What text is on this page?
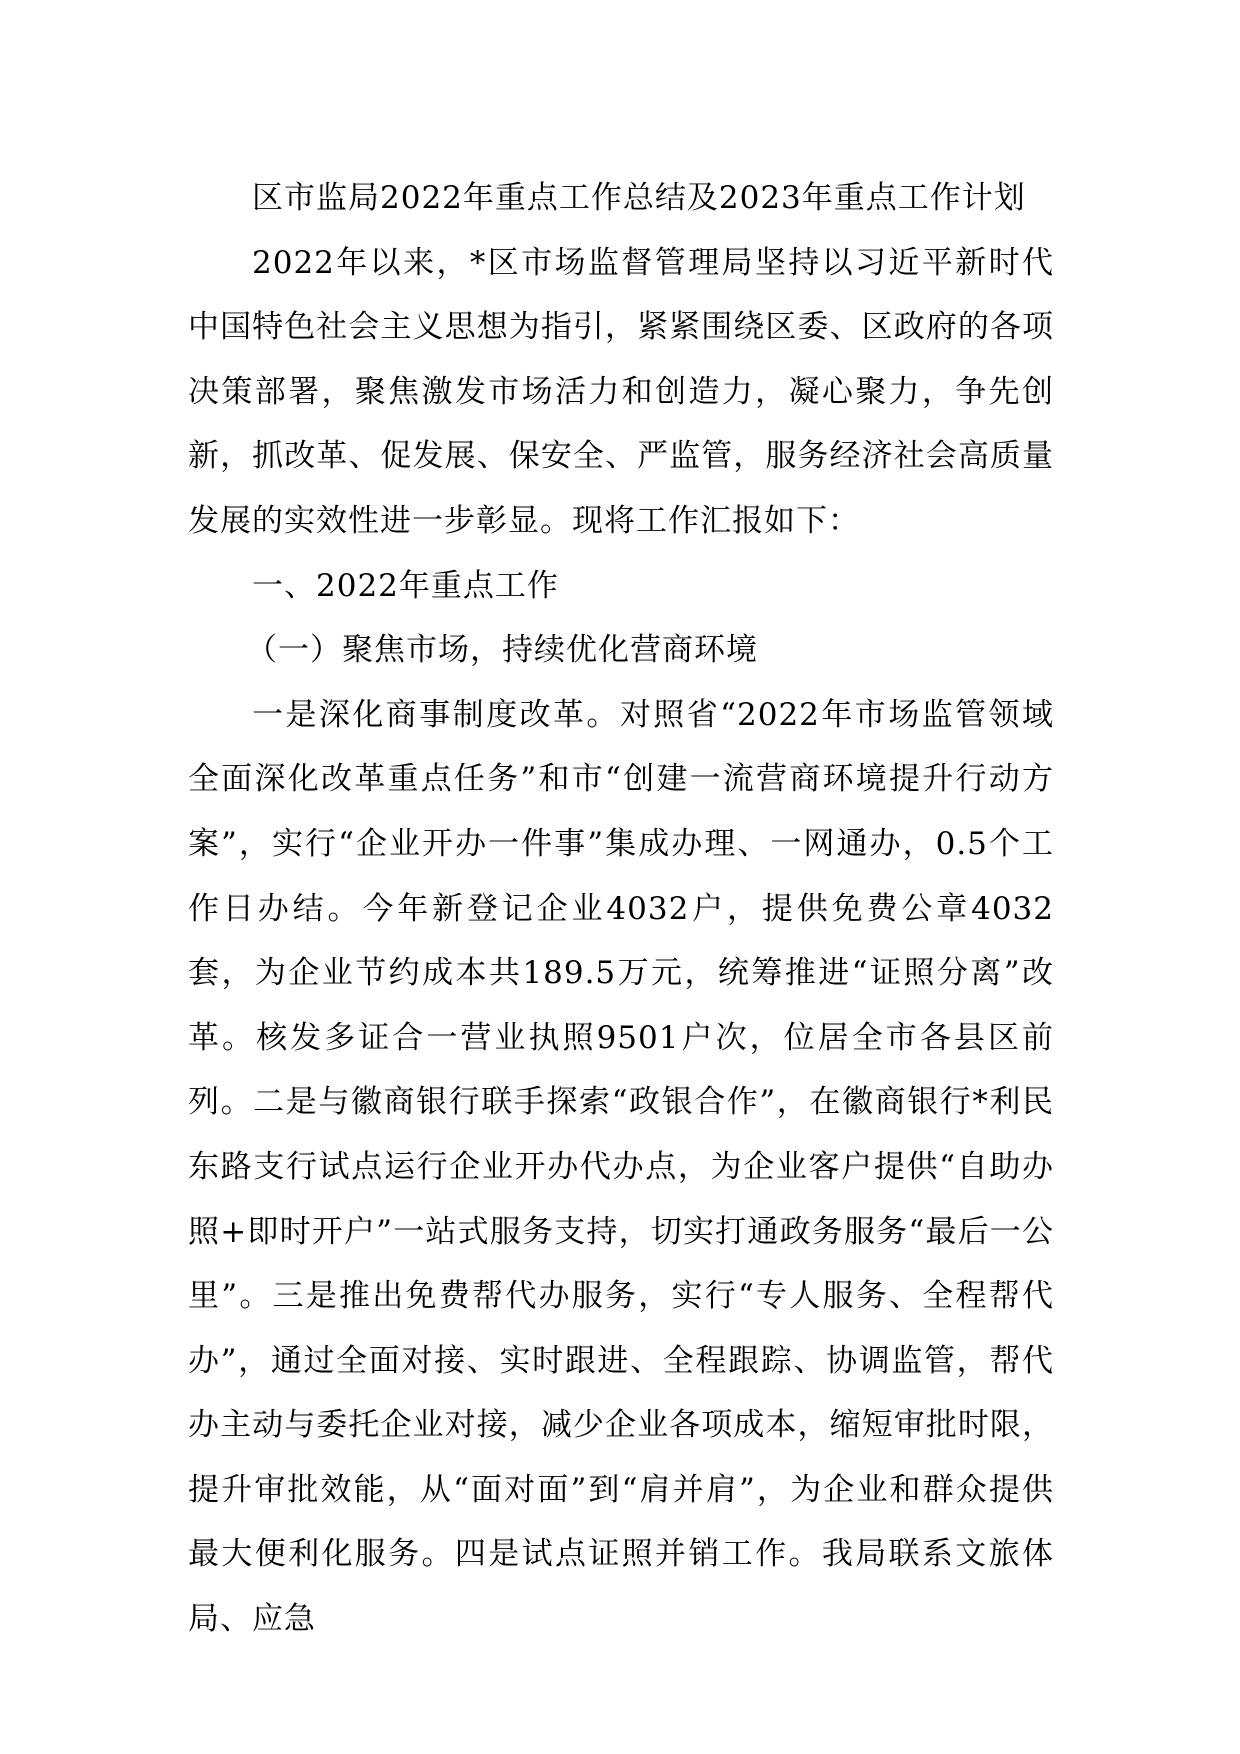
区市监局2022年重点工作总结及2023年重点工作计划

2022年以来，*区市场监督管理局坚持以习近平新时代中国特色社会主义思想为指引，紧紧围绕区委、区政府的各项决策部署，聚焦激发市场活力和创造力，凝心聚力，争先创新，抓改革、促发展、保安全、严监管，服务经济社会高质量发展的实效性进一步彰显。现将工作汇报如下：

一、2022年重点工作

（一）聚焦市场，持续优化营商环境

一是深化商事制度改革。对照省“2022年市场监管领域全面深化改革重点任务”和市“创建一流营商环境提升行动方案”，实行“企业开办一件事”集成办理、一网通办，0.5个工作日办结。今年新登记企业4032户，提供免费公章4032套，为企业节约成本共189.5万元，统筹推进“证照分离”改革。核发多证合一营业执照9501户次，位居全市各县区前列。二是与徽商银行联手探索“政银合作”，在徽商银行*利民东路支行试点运行企业开办代办点，为企业客户提供“自助办照+即时开户”一站式服务支持，切实打通政务服务“最后一公里”。三是推出免费帮代办服务，实行“专人服务、全程帮代办”，通过全面对接、实时跟进、全程跟踪、协调监管，帮代办主动与委托企业对接，减少企业各项成本，缩短审批时限，提升审批效能，从“面对面”到“肩并肩”，为企业和群众提供最大便利化服务。四是试点证照并销工作。我局联系文旅体局、应急
